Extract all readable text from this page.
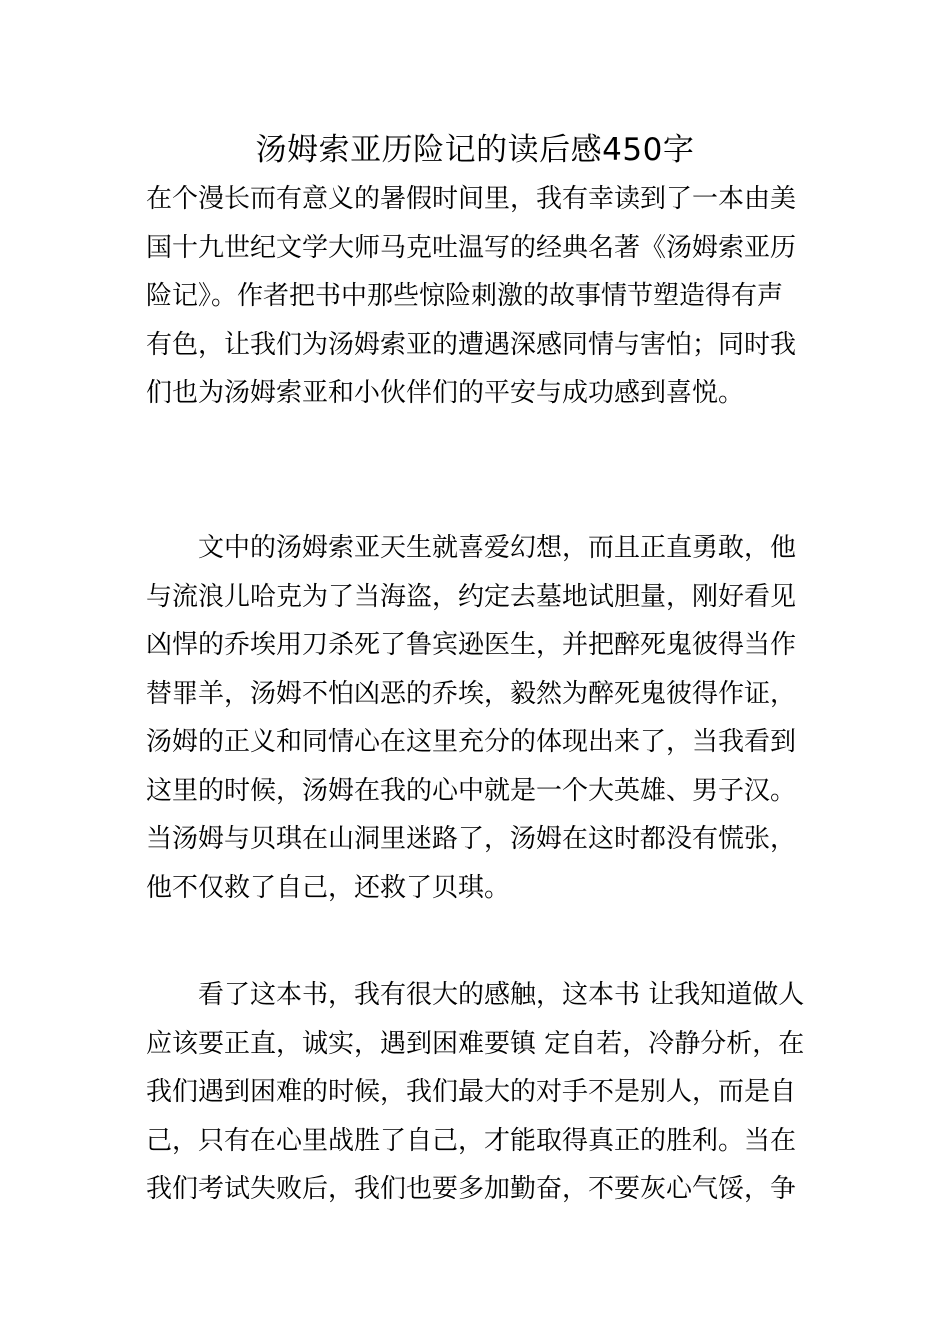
汤姆索亚历险记的读后感450字
在个漫长而有意义的暑假时间里，我有幸读到了一本由美
国十九世纪文学大师马克吐温写的经典名著《汤姆索亚历
险记》。作者把书中那些惊险刺激的故事情节塑造得有声
有色，让我们为汤姆索亚的遭遇深感同情与害怕；同时我
们也为汤姆索亚和小伙伴们的平安与成功感到喜悦。
文中的汤姆索亚天生就喜爱幻想，而且正直勇敢，他
与流浪儿哈克为了当海盗，约定去墓地试胆量，刚好看见
凶悍的乔埃用刀杀死了鲁宾逊医生，并把醉死鬼彼得当作
替罪羊，汤姆不怕凶恶的乔埃，毅然为醉死鬼彼得作证，
汤姆的正义和同情心在这里充分的体现出来了，当我看到
这里的时候，汤姆在我的心中就是一个大英雄、男子汉。
当汤姆与贝琪在山洞里迷路了，汤姆在这时都没有慌张，
他不仅救了自己，还救了贝琪。
看了这本书，我有很大的感触，这本书 让我知道做人
应该要正直，诚实，遇到困难要镇 定自若，冷静分析，在
我们遇到困难的时候，我们最大的对手不是别人，而是自
己，只有在心里战胜了自己，才能取得真正的胜利。当在
我们考试失败后，我们也要多加勤奋，不要灰心气馁，争
